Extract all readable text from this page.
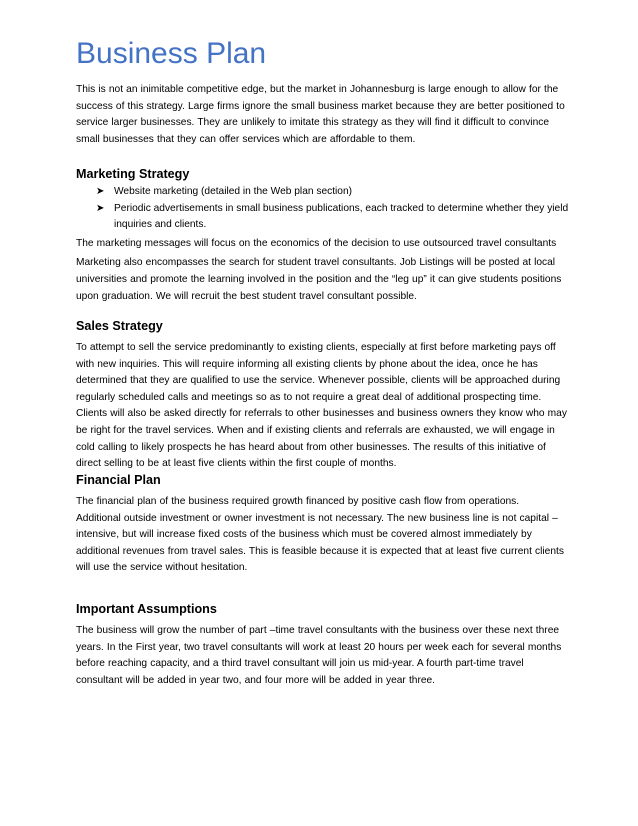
Business Plan

This is not an inimitable competitive edge, but the market in Johannesburg is large enough to allow for the success of this strategy. Large firms ignore the small business market because they are better positioned to service larger businesses. They are unlikely to imitate this strategy as they will find it difficult to convince small businesses that they can offer services which are affordable to them.

Marketing Strategy
➤ Website marketing (detailed in the Web plan section)
➤ Periodic advertisements in small business publications, each tracked to determine whether they yield inquiries and clients.

The marketing messages will focus on the economics of the decision to use outsourced travel consultants

Marketing also encompasses the search for student travel consultants. Job Listings will be posted at local universities and promote the learning involved in the position and the “leg up” it can give students positions upon graduation. We will recruit the best student travel consultant possible.

Sales Strategy

To attempt to sell the service predominantly to existing clients, especially at first before marketing pays off with new inquiries. This will require informing all existing clients by phone about the idea, once he has determined that they are qualified to use the service. Whenever possible, clients will be approached during regularly scheduled calls and meetings so as to not require a great deal of additional prospecting time. Clients will also be asked directly for referrals to other businesses and business owners they know who may be right for the travel services. When and if existing clients and referrals are exhausted, we will engage in cold calling to likely prospects he has heard about from other businesses. The results of this initiative of direct selling to be at least five clients within the first couple of months.

Financial Plan

The financial plan of the business required growth financed by positive cash flow from operations.

Additional outside investment or owner investment is not necessary. The new business line is not capital – intensive, but will increase fixed costs of the business which must be covered almost immediately by additional revenues from travel sales. This is feasible because it is expected that at least five current clients will use the service without hesitation.

Important Assumptions

The business will grow the number of part –time travel consultants with the business over these next three years. In the First year, two travel consultants will work at least 20 hours per week each for several months before reaching capacity, and a third travel consultant will join us mid-year. A fourth part-time travel consultant will be added in year two, and four more will be added in year three.
